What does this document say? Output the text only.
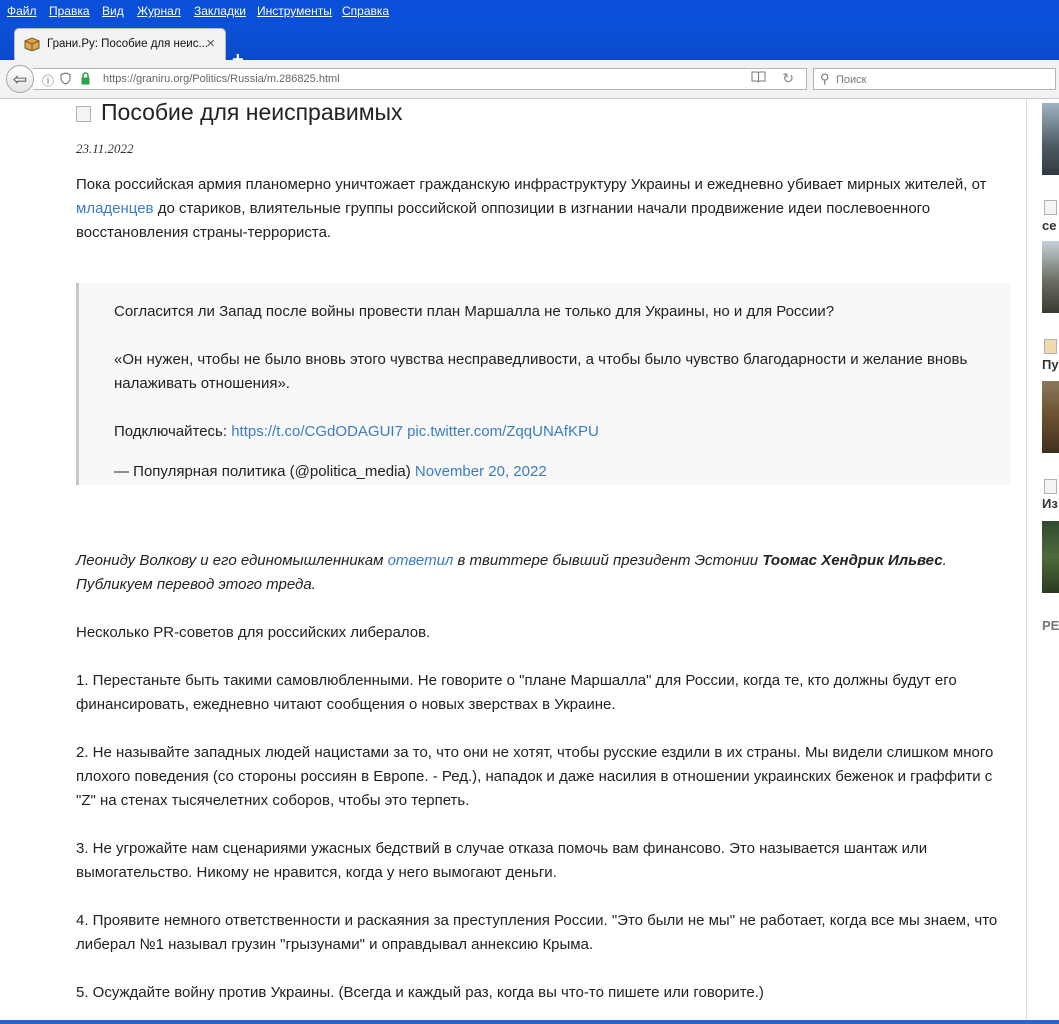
Файл Правка Вид Журнал Закладки Инструменты Справка
Грани.Ру: Пособие для неис...
×
ⓘ	https://graniru.org/Politics/Russia/m.286825.html	↻
⇦	⚲
Поиск
Пособие для неисправимых
23.11.2022
Пока российская армия планомерно уничтожает гражданскую инфраструктуру Украины и ежедневно убивает мирных жителей, от младенцев до стариков, влиятельные группы российской оппозиции в изгнании начали продвижение идеи послевоенного восстановления страны-террориста.

Согласится ли Запад после войны провести план Маршалла не только для Украины, но и для России?

«Он нужен, чтобы не было вновь этого чувства несправедливости, а чтобы было чувство благодарности и желание вновь налаживать отношения».

Подключайтесь: https://t.co/CGdODAGUI7 pic.twitter.com/ZqqUNAfKPU

— Популярная политика (@politica_media) November 20, 2022

Леониду Волкову и его единомышленникам ответил в твиттере бывший президент Эстонии Тоомас Хендрик Ильвес. Публикуем перевод этого треда.
Несколько PR-советов для российских либералов.
1. Перестаньте быть такими самовлюбленными. Не говорите о "плане Маршалла" для России, когда те, кто должны будут его финансировать, ежедневно читают сообщения о новых зверствах в Украине.
2. Не называйте западных людей нацистами за то, что они не хотят, чтобы русские ездили в их страны. Мы видели слишком много плохого поведения (со стороны россиян в Европе. - Ред.), нападок и даже насилия в отношении украинских беженок и граффити с "Z" на стенах тысячелетних соборов, чтобы это терпеть.
3. Не угрожайте нам сценариями ужасных бедствий в случае отказа помочь вам финансово. Это называется шантаж или вымогательство. Никому не нравится, когда у него вымогают деньги.
4. Проявите немного ответственности и раскаяния за преступления России. "Это были не мы" не работает, когда все мы знаем, что либерал №1 называл грузин "грызунами" и оправдывал аннексию Крыма.
5. Осуждайте войну против Украины. (Всегда и каждый раз, когда вы что-то пишете или говорите.)
се
Пу
Из
РЕ
